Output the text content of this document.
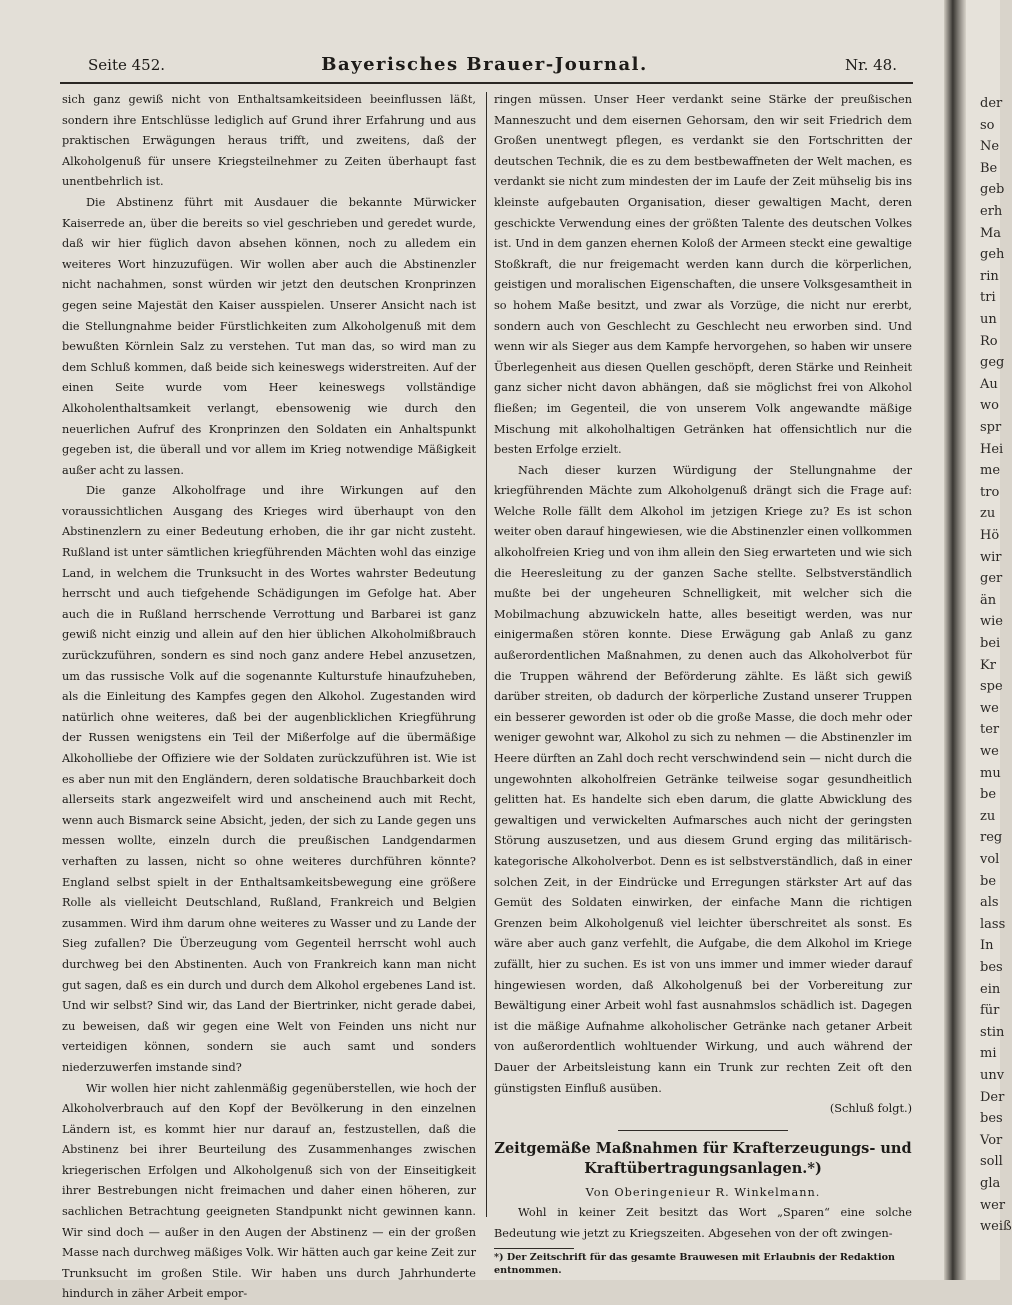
Seite 452.	Bayerisches Brauer-Journal.	Nr. 48.

sich ganz gewiß nicht von Enthaltsamkeitsideen beeinflussen läßt, sondern ihre Entschlüsse lediglich auf Grund ihrer Erfahrung und aus praktischen Erwägungen heraus trifft, und zweitens, daß der Alkoholgenuß für unsere Kriegsteilnehmer zu Zeiten überhaupt fast unentbehrlich ist.

Die Abstinenz führt mit Ausdauer die bekannte Mürwicker Kaiserrede an, über die bereits so viel geschrieben und geredet wurde, daß wir hier füglich davon absehen können, noch zu alledem ein weiteres Wort hinzuzufügen. Wir wollen aber auch die Abstinenzler nicht nachahmen, sonst würden wir jetzt den deutschen Kronprinzen gegen seine Majestät den Kaiser ausspielen. Unserer Ansicht nach ist die Stellungnahme beider Fürstlichkeiten zum Alkoholgenuß mit dem bewußten Körnlein Salz zu verstehen. Tut man das, so wird man zu dem Schluß kommen, daß beide sich keineswegs widerstreiten. Auf der einen Seite wurde vom Heer keineswegs vollständige Alkoholenthaltsamkeit verlangt, ebensowenig wie durch den neuerlichen Aufruf des Kronprinzen den Soldaten ein Anhaltspunkt gegeben ist, die überall und vor allem im Krieg notwendige Mäßigkeit außer acht zu lassen.

Die ganze Alkoholfrage und ihre Wirkungen auf den voraussichtlichen Ausgang des Krieges wird überhaupt von den Abstinenzlern zu einer Bedeutung erhoben, die ihr gar nicht zusteht. Rußland ist unter sämtlichen kriegführenden Mächten wohl das einzige Land, in welchem die Trunksucht in des Wortes wahrster Bedeutung herrscht und auch tiefgehende Schädigungen im Gefolge hat. Aber auch die in Rußland herrschende Verrottung und Barbarei ist ganz gewiß nicht einzig und allein auf den hier üblichen Alkoholmißbrauch zurückzuführen, sondern es sind noch ganz andere Hebel anzusetzen, um das russische Volk auf die sogenannte Kulturstufe hinaufzuheben, als die Einleitung des Kampfes gegen den Alkohol. Zugestanden wird natürlich ohne weiteres, daß bei der augenblicklichen Kriegführung der Russen wenigstens ein Teil der Mißerfolge auf die übermäßige Alkoholliebe der Offiziere wie der Soldaten zurückzuführen ist. Wie ist es aber nun mit den Engländern, deren soldatische Brauchbarkeit doch allerseits stark angezweifelt wird und anscheinend auch mit Recht, wenn auch Bismarck seine Absicht, jeden, der sich zu Lande gegen uns messen wollte, einzeln durch die preußischen Landgendarmen verhaften zu lassen, nicht so ohne weiteres durchführen könnte? England selbst spielt in der Enthaltsamkeitsbewegung eine größere Rolle als vielleicht Deutschland, Rußland, Frankreich und Belgien zusammen. Wird ihm darum ohne weiteres zu Wasser und zu Lande der Sieg zufallen? Die Überzeugung vom Gegenteil herrscht wohl auch durchweg bei den Abstinenten. Auch von Frankreich kann man nicht gut sagen, daß es ein durch und durch dem Alkohol ergebenes Land ist. Und wir selbst? Sind wir, das Land der Biertrinker, nicht gerade dabei, zu beweisen, daß wir gegen eine Welt von Feinden uns nicht nur verteidigen können, sondern sie auch samt und sonders niederzuwerfen imstande sind?

Wir wollen hier nicht zahlenmäßig gegenüberstellen, wie hoch der Alkoholverbrauch auf den Kopf der Bevölkerung in den einzelnen Ländern ist, es kommt hier nur darauf an, festzustellen, daß die Abstinenz bei ihrer Beurteilung des Zusammenhanges zwischen kriegerischen Erfolgen und Alkoholgenuß sich von der Einseitigkeit ihrer Bestrebungen nicht freimachen und daher einen höheren, zur sachlichen Betrachtung geeigneten Standpunkt nicht gewinnen kann. Wir sind doch — außer in den Augen der Abstinenz — ein der großen Masse nach durchweg mäßiges Volk. Wir hätten auch gar keine Zeit zur Trunksucht im großen Stile. Wir haben uns durch Jahrhunderte hindurch in zäher Arbeit empor-

ringen müssen. Unser Heer verdankt seine Stärke der preußischen Manneszucht und dem eisernen Gehorsam, den wir seit Friedrich dem Großen unentwegt pflegen, es verdankt sie den Fortschritten der deutschen Technik, die es zu dem bestbewaffneten der Welt machen, es verdankt sie nicht zum mindesten der im Laufe der Zeit mühselig bis ins kleinste aufgebauten Organisation, dieser gewaltigen Macht, deren geschickte Verwendung eines der größten Talente des deutschen Volkes ist. Und in dem ganzen ehernen Koloß der Armeen steckt eine gewaltige Stoßkraft, die nur freigemacht werden kann durch die körperlichen, geistigen und moralischen Eigenschaften, die unsere Volksgesamtheit in so hohem Maße besitzt, und zwar als Vorzüge, die nicht nur ererbt, sondern auch von Geschlecht zu Geschlecht neu erworben sind. Und wenn wir als Sieger aus dem Kampfe hervorgehen, so haben wir unsere Überlegenheit aus diesen Quellen geschöpft, deren Stärke und Reinheit ganz sicher nicht davon abhängen, daß sie möglichst frei von Alkohol fließen; im Gegenteil, die von unserem Volk angewandte mäßige Mischung mit alkoholhaltigen Getränken hat offensichtlich nur die besten Erfolge erzielt.

Nach dieser kurzen Würdigung der Stellungnahme der kriegführenden Mächte zum Alkoholgenuß drängt sich die Frage auf: Welche Rolle fällt dem Alkohol im jetzigen Kriege zu? Es ist schon weiter oben darauf hingewiesen, wie die Abstinenzler einen vollkommen alkoholfreien Krieg und von ihm allein den Sieg erwarteten und wie sich die Heeresleitung zu der ganzen Sache stellte. Selbstverständlich mußte bei der ungeheuren Schnelligkeit, mit welcher sich die Mobilmachung abzuwickeln hatte, alles beseitigt werden, was nur einigermaßen stören konnte. Diese Erwägung gab Anlaß zu ganz außerordentlichen Maßnahmen, zu denen auch das Alkoholverbot für die Truppen während der Beförderung zählte. Es läßt sich gewiß darüber streiten, ob dadurch der körperliche Zustand unserer Truppen ein besserer geworden ist oder ob die große Masse, die doch mehr oder weniger gewohnt war, Alkohol zu sich zu nehmen — die Abstinenzler im Heere dürften an Zahl doch recht verschwindend sein — nicht durch die ungewohnten alkoholfreien Getränke teilweise sogar gesundheitlich gelitten hat. Es handelte sich eben darum, die glatte Abwicklung des gewaltigen und verwickelten Aufmarsches auch nicht der geringsten Störung auszusetzen, und aus diesem Grund erging das militärisch-kategorische Alkoholverbot. Denn es ist selbstverständlich, daß in einer solchen Zeit, in der Eindrücke und Erregungen stärkster Art auf das Gemüt des Soldaten einwirken, der einfache Mann die richtigen Grenzen beim Alkoholgenuß viel leichter überschreitet als sonst. Es wäre aber auch ganz verfehlt, die Aufgabe, die dem Alkohol im Kriege zufällt, hier zu suchen. Es ist von uns immer und immer wieder darauf hingewiesen worden, daß Alkoholgenuß bei der Vorbereitung zur Bewältigung einer Arbeit wohl fast ausnahmslos schädlich ist. Dagegen ist die mäßige Aufnahme alkoholischer Getränke nach getaner Arbeit von außerordentlich wohltuender Wirkung, und auch während der Dauer der Arbeitsleistung kann ein Trunk zur rechten Zeit oft den günstigsten Einfluß ausüben.

(Schluß folgt.)

Zeitgemäße Maßnahmen für Krafterzeugungs- und Kraftübertragungsanlagen.*)

Von Oberingenieur R. Winkelmann.

Wohl in keiner Zeit besitzt das Wort „Sparen“ eine solche Bedeutung wie jetzt zu Kriegszeiten. Abgesehen von der oft zwingen-

*) Der Zeitschrift für das gesamte Brauwesen mit Erlaubnis der Redaktion entnommen.
der
so
Ne
Be
geb
erh
Ma
geh
rin
tri
un
Ro
geg
Au
wo
spr
Hei
me
tro
zu
Hö
wir
ger
än
wie
bei
Kr
spe
we
ter
we
mu
be
zu
reg
vol
be
als
lass
In
bes
ein
für
stin
mi
unv
Der
bes
Vor
soll
gla
wer
weiß
